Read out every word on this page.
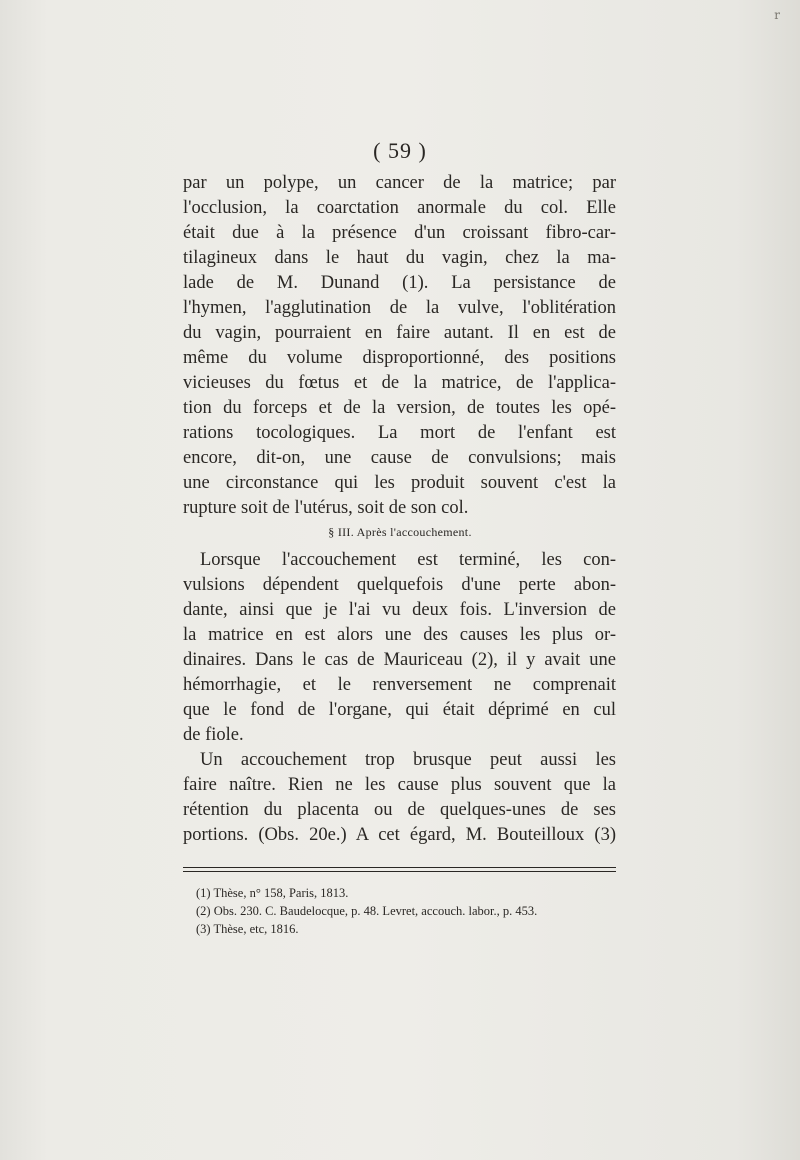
r
( 59 )
par un polype, un cancer de la matrice; par
l'occlusion, la coarctation anormale du col. Elle
était due à la présence d'un croissant fibro-car-
tilagineux dans le haut du vagin, chez la ma-
lade de M. Dunand (1). La persistance de
l'hymen, l'agglutination de la vulve, l'oblitération
du vagin, pourraient en faire autant. Il en est de
même du volume disproportionné, des positions
vicieuses du fœtus et de la matrice, de l'applica-
tion du forceps et de la version, de toutes les opé-
rations tocologiques. La mort de l'enfant est
encore, dit-on, une cause de convulsions; mais
une circonstance qui les produit souvent c'est la
rupture soit de l'utérus, soit de son col.
§ III. Après l'accouchement.
Lorsque l'accouchement est terminé, les con-
vulsions dépendent quelquefois d'une perte abon-
dante, ainsi que je l'ai vu deux fois. L'inversion de
la matrice en est alors une des causes les plus or-
dinaires. Dans le cas de Mauriceau (2), il y avait une
hémorrhagie, et le renversement ne comprenait
que le fond de l'organe, qui était déprimé en cul
de fiole.
Un accouchement trop brusque peut aussi les
faire naître. Rien ne les cause plus souvent que la
rétention du placenta ou de quelques-unes de ses
portions. (Obs. 20e.) A cet égard, M. Bouteilloux (3)
(1) Thèse, n° 158, Paris, 1813.
(2) Obs. 230. C. Baudelocque, p. 48. Levret, accouch. labor., p. 453.
(3) Thèse, etc, 1816.
